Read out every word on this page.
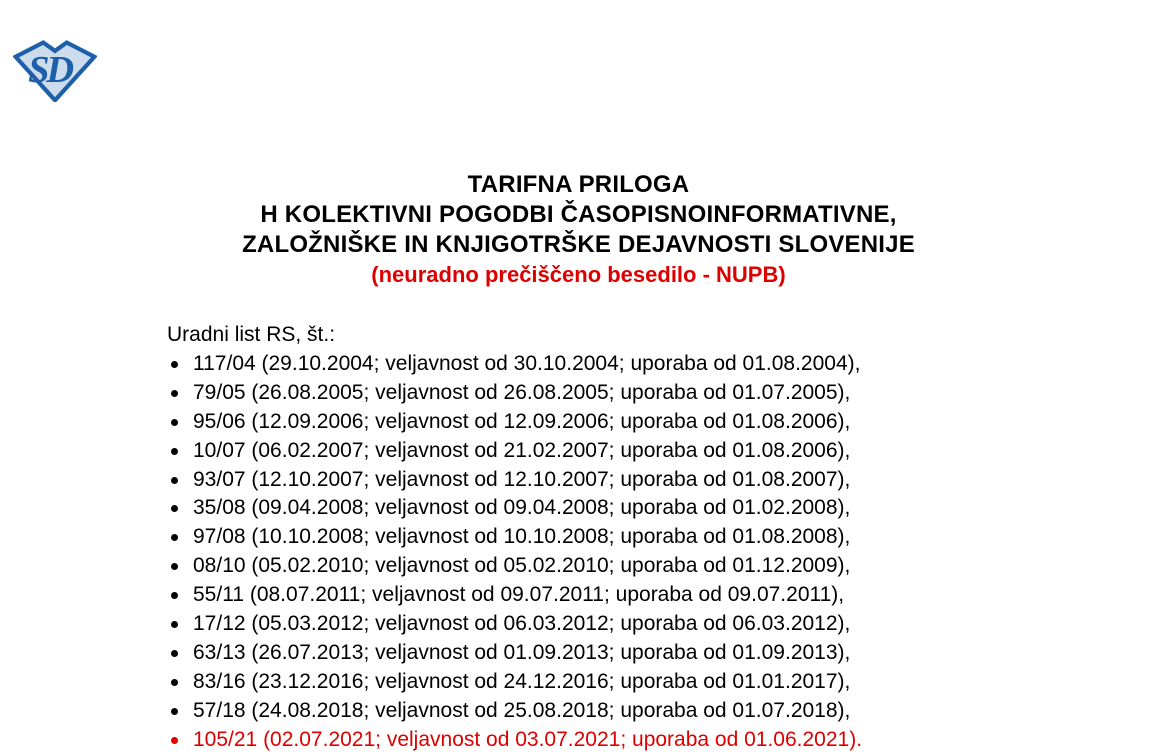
SD
TARIFNA PRILOGA
H KOLEKTIVNI POGODBI ČASOPISNOINFORMATIVNE,
ZALOŽNIŠKE IN KNJIGOTRŠKE DEJAVNOSTI SLOVENIJE
(neuradno prečiščeno besedilo - NUPB)

Uradni list RS, št.:

117/04 (29.10.2004; veljavnost od 30.10.2004; uporaba od 01.08.2004),
79/05 (26.08.2005; veljavnost od 26.08.2005; uporaba od 01.07.2005),
95/06 (12.09.2006; veljavnost od 12.09.2006; uporaba od 01.08.2006),
10/07 (06.02.2007; veljavnost od 21.02.2007; uporaba od 01.08.2006),
93/07 (12.10.2007; veljavnost od 12.10.2007; uporaba od 01.08.2007),
35/08 (09.04.2008; veljavnost od 09.04.2008; uporaba od 01.02.2008),
97/08 (10.10.2008; veljavnost od 10.10.2008; uporaba od 01.08.2008),
08/10 (05.02.2010; veljavnost od 05.02.2010; uporaba od 01.12.2009),
55/11 (08.07.2011; veljavnost od 09.07.2011; uporaba od 09.07.2011),
17/12 (05.03.2012; veljavnost od 06.03.2012; uporaba od 06.03.2012),
63/13 (26.07.2013; veljavnost od 01.09.2013; uporaba od 01.09.2013),
83/16 (23.12.2016; veljavnost od 24.12.2016; uporaba od 01.01.2017),
57/18 (24.08.2018; veljavnost od 25.08.2018; uporaba od 01.07.2018),
105/21 (02.07.2021; veljavnost od 03.07.2021; uporaba od 01.06.2021).
